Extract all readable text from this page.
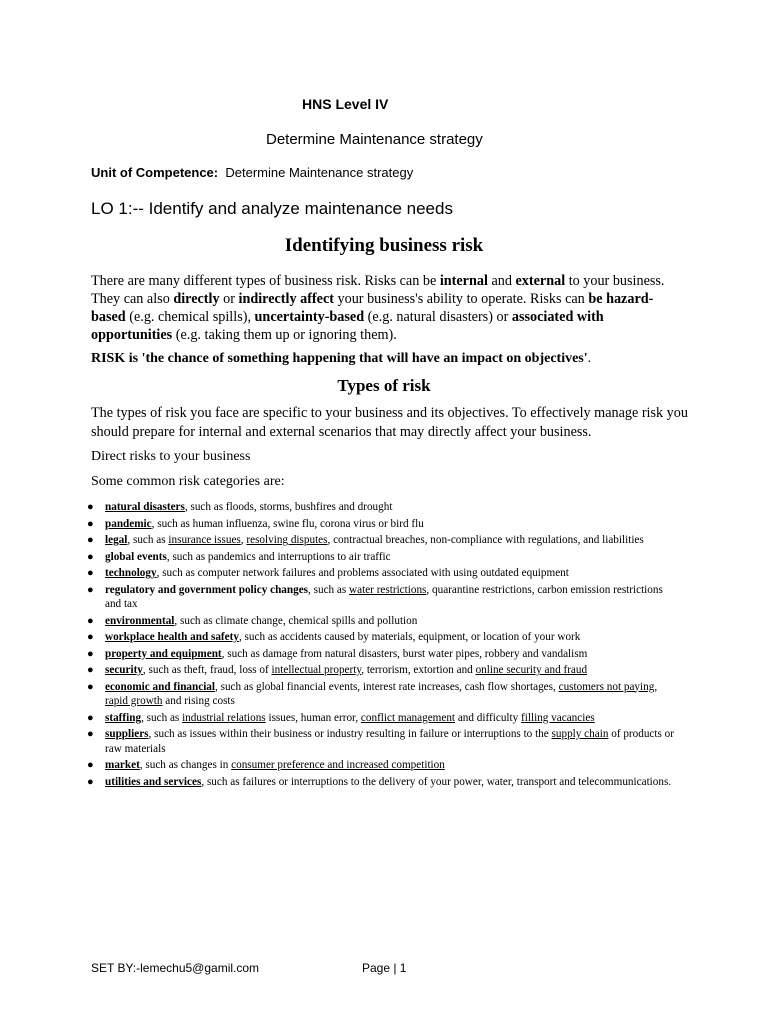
HNS Level IV

Determine Maintenance strategy

Unit of Competence: Determine Maintenance strategy

LO 1:-- Identify and analyze maintenance needs

Identifying business risk

There are many different types of business risk. Risks can be internal and external to your business. They can also directly or indirectly affect your business's ability to operate. Risks can be hazard-based (e.g. chemical spills), uncertainty-based (e.g. natural disasters) or associated with opportunities (e.g. taking them up or ignoring them).

RISK is 'the chance of something happening that will have an impact on objectives'.

Types of risk

The types of risk you face are specific to your business and its objectives. To effectively manage risk you should prepare for internal and external scenarios that may directly affect your business.

Direct risks to your business

Some common risk categories are:

● natural disasters, such as floods, storms, bushfires and drought
● pandemic, such as human influenza, swine flu, corona virus or bird flu
● legal, such as insurance issues, resolving disputes, contractual breaches, non-compliance with regulations, and liabilities
● global events, such as pandemics and interruptions to air traffic
● technology, such as computer network failures and problems associated with using outdated equipment
● regulatory and government policy changes, such as water restrictions, quarantine restrictions, carbon emission restrictions and tax
● environmental, such as climate change, chemical spills and pollution
● workplace health and safety, such as accidents caused by materials, equipment, or location of your work
● property and equipment, such as damage from natural disasters, burst water pipes, robbery and vandalism
● security, such as theft, fraud, loss of intellectual property, terrorism, extortion and online security and fraud
● economic and financial, such as global financial events, interest rate increases, cash flow shortages, customers not paying, rapid growth and rising costs
● staffing, such as industrial relations issues, human error, conflict management and difficulty filling vacancies
● suppliers, such as issues within their business or industry resulting in failure or interruptions to the supply chain of products or raw materials
● market, such as changes in consumer preference and increased competition
● utilities and services, such as failures or interruptions to the delivery of your power, water, transport and telecommunications.

SET BY:-lemechu5@gamil.com	Page | 1
